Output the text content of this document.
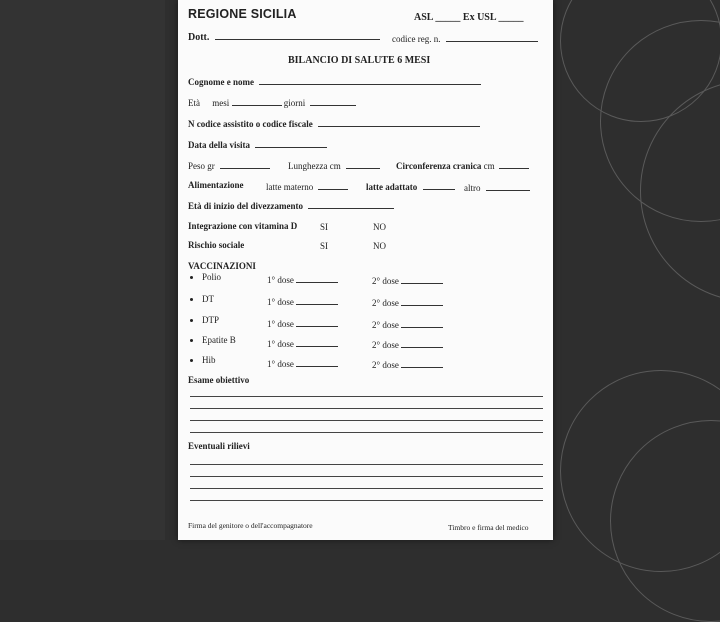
REGIONE SICILIA	ASL _____ Ex USL _____
Dott.	codice reg. n.
BILANCIO DI SALUTE 6 MESI
Cognome e nome
Età mesi	giorni
N codice assistito o codice fiscale
Data della visita
Peso gr	Lunghezza cm	Circonferenza cranica cm
Alimentazione	latte materno	latte adattato	altro
Età di inizio del divezzamento
Integrazione con vitamina D	SI	NO
Rischio sociale	SI	NO
VACCINAZIONI
Polio	1° dose	2° dose
DT	1° dose	2° dose
DTP	1° dose	2° dose
Epatite B	1° dose	2° dose
Hib	1° dose	2° dose
Esame obiettivo
Eventuali rilievi
Firma del genitore o dell'accompagnatore	Timbro e firma del medico
